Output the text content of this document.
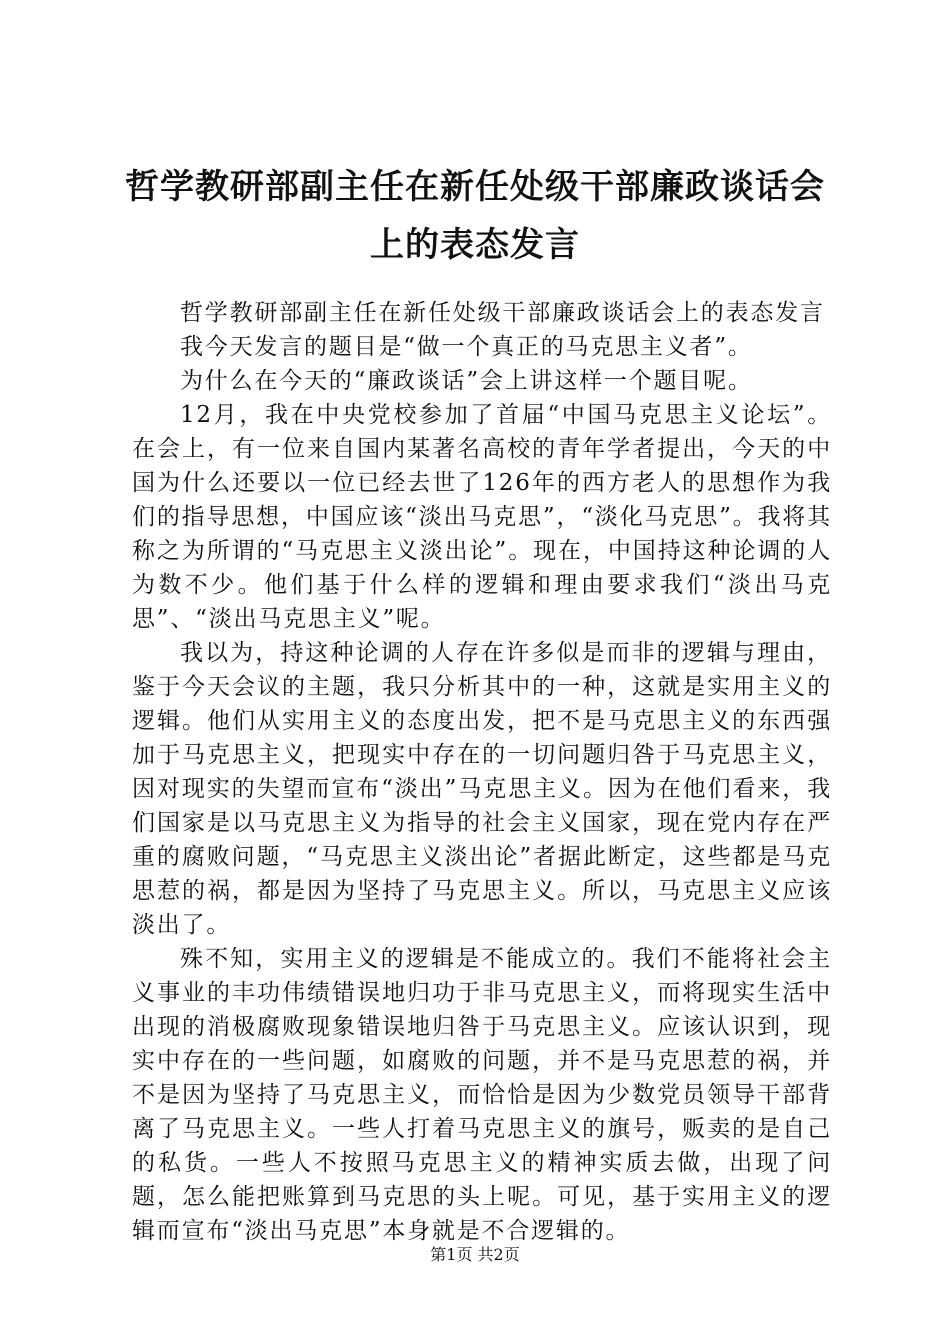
哲学教研部副主任在新任处级干部廉政谈话会上的表态发言

哲学教研部副主任在新任处级干部廉政谈话会上的表态发言

我今天发言的题目是“做一个真正的马克思主义者”。

为什么在今天的“廉政谈话”会上讲这样一个题目呢。

12月，我在中央党校参加了首届“中国马克思主义论坛”。在会上，有一位来自国内某著名高校的青年学者提出，今天的中国为什么还要以一位已经去世了126年的西方老人的思想作为我们的指导思想，中国应该“淡出马克思”，“淡化马克思”。我将其称之为所谓的“马克思主义淡出论”。现在，中国持这种论调的人为数不少。他们基于什么样的逻辑和理由要求我们“淡出马克思”、“淡出马克思主义”呢。

我以为，持这种论调的人存在许多似是而非的逻辑与理由，鉴于今天会议的主题，我只分析其中的一种，这就是实用主义的逻辑。他们从实用主义的态度出发，把不是马克思主义的东西强加于马克思主义，把现实中存在的一切问题归咎于马克思主义，因对现实的失望而宣布“淡出”马克思主义。因为在他们看来，我们国家是以马克思主义为指导的社会主义国家，现在党内存在严重的腐败问题，“马克思主义淡出论”者据此断定，这些都是马克思惹的祸，都是因为坚持了马克思主义。所以，马克思主义应该淡出了。

殊不知，实用主义的逻辑是不能成立的。我们不能将社会主义事业的丰功伟绩错误地归功于非马克思主义，而将现实生活中出现的消极腐败现象错误地归咎于马克思主义。应该认识到，现实中存在的一些问题，如腐败的问题，并不是马克思惹的祸，并不是因为坚持了马克思主义，而恰恰是因为少数党员领导干部背离了马克思主义。一些人打着马克思主义的旗号，贩卖的是自己的私货。一些人不按照马克思主义的精神实质去做，出现了问题，怎么能把账算到马克思的头上呢。可见，基于实用主义的逻辑而宣布“淡出马克思”本身就是不合逻辑的。

第1页 共2页
